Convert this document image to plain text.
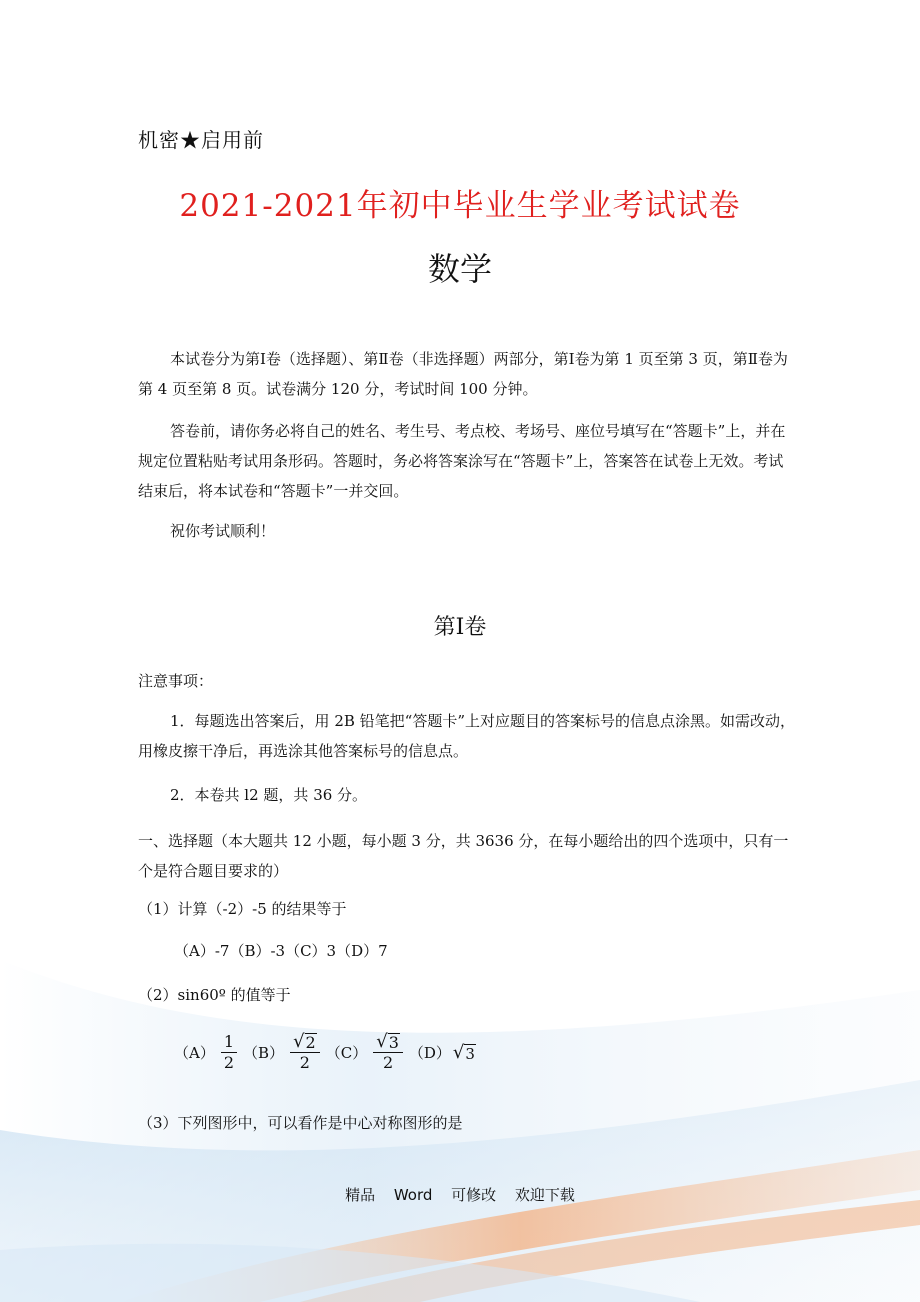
机密★启用前
2021-2021年初中毕业生学业考试试卷
数学
本试卷分为第Ⅰ卷（选择题）、第Ⅱ卷（非选择题）两部分，第Ⅰ卷为第 1 页至第 3 页，第Ⅱ卷为第 4 页至第 8 页。试卷满分 120 分，考试时间 100 分钟。
答卷前，请你务必将自己的姓名、考生号、考点校、考场号、座位号填写在“答题卡”上，并在规定位置粘贴考试用条形码。答题时，务必将答案涂写在“答题卡”上，答案答在试卷上无效。考试结束后，将本试卷和“答题卡”一并交回。
祝你考试顺利！
第Ⅰ卷
注意事项：
1．每题选出答案后，用 2B 铅笔把“答题卡”上对应题目的答案标号的信息点涂黑。如需改动，用橡皮擦干净后，再选涂其他答案标号的信息点。
2．本卷共 l2 题，共 36 分。
一、选择题（本大题共 12 小题，每小题 3 分，共 3636 分，在每小题给出的四个选项中，只有一个是符合题目要求的）
（1）计算（-2）-5 的结果等于
（A）-7（B）-3（C）3（D）7
（2）sin60º 的值等于
$(A) \frac{1}{2} (B) \frac{√ 2}{2} (C) \frac{√ 3}{2} (D)$ √ 3
（3）下列图形中，可以看作是中心对称图形的是
精品 Word 可修改 欢迎下载
